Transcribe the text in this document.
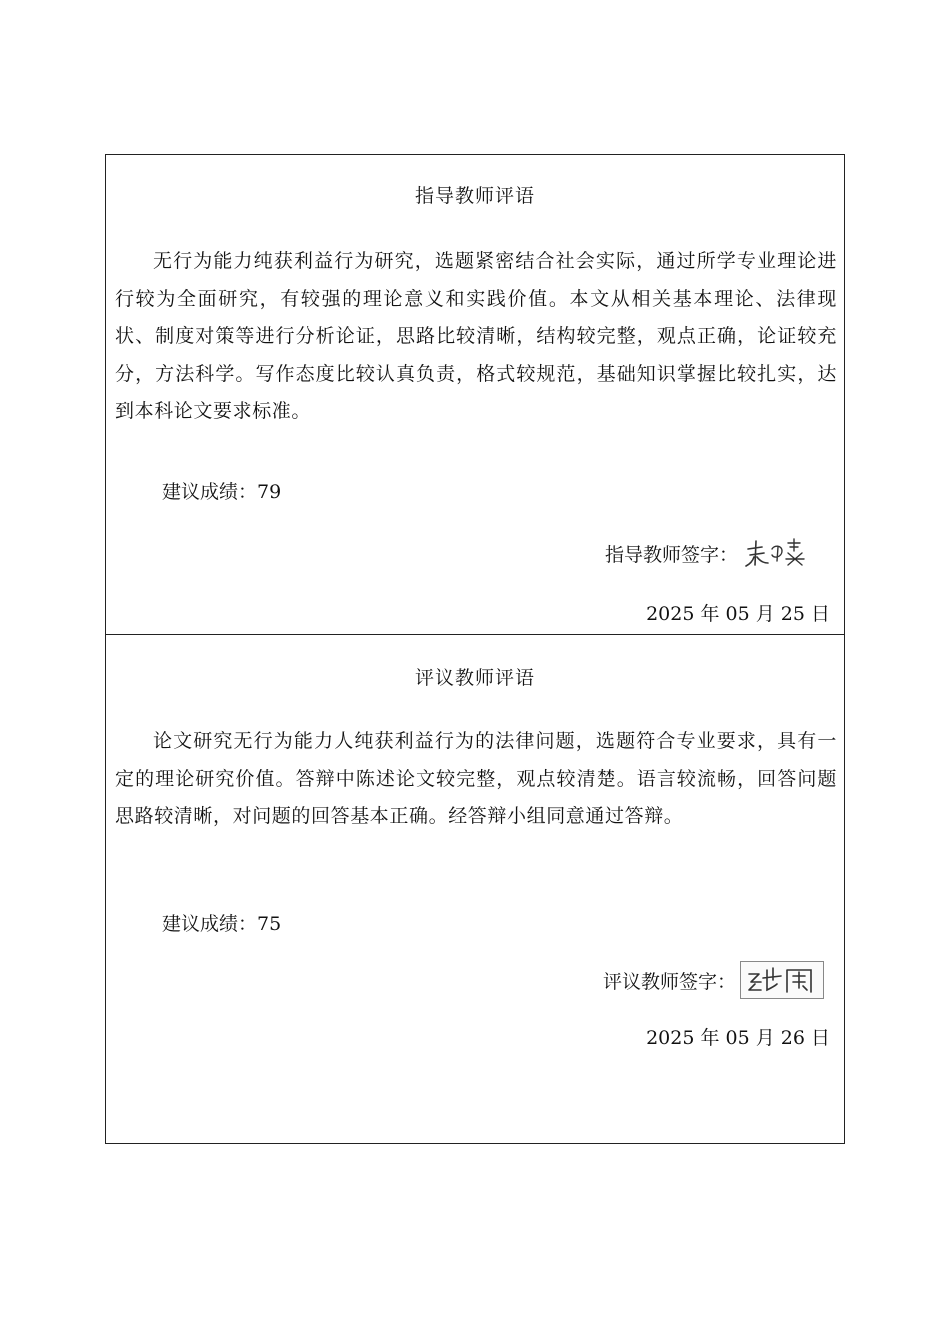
指导教师评语

无行为能力纯获利益行为研究，选题紧密结合社会实际，通过所学专业理论进行较为全面研究，有较强的理论意义和实践价值。本文从相关基本理论、法律现状、制度对策等进行分析论证，思路比较清晰，结构较完整，观点正确，论证较充分，方法科学。写作态度比较认真负责，格式较规范，基础知识掌握比较扎实，达到本科论文要求标准。

建议成绩：79
指导教师签字：
2025 年 05 月 25 日
评议教师评语

论文研究无行为能力人纯获利益行为的法律问题，选题符合专业要求，具有一定的理论研究价值。答辩中陈述论文较完整，观点较清楚。语言较流畅，回答问题思路较清晰，对问题的回答基本正确。经答辩小组同意通过答辩。

建议成绩：75
评议教师签字：
2025 年 05 月 26 日
